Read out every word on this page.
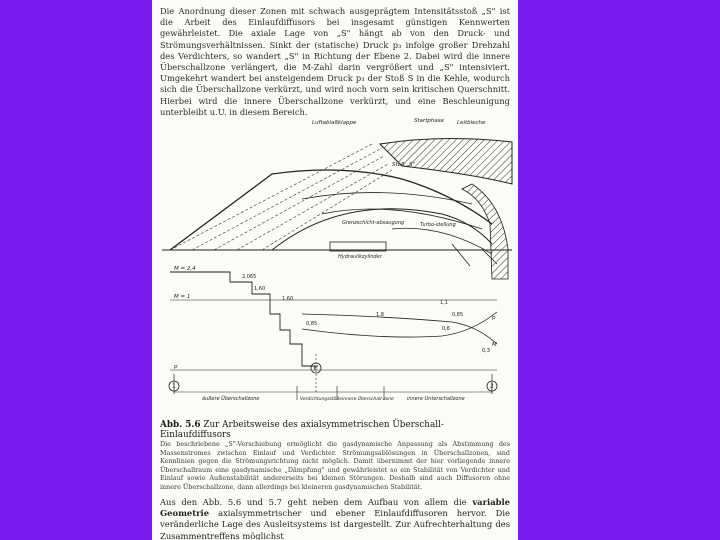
Die Anordnung dieser Zonen mit schwach ausgeprägtem Intensitätsstoß „S" ist die Arbeit des Einlaufdiffusors bei insgesamt günstigen Kennwerten gewährleistet. Die axiale Lage von „S" hängt ab von den Druck- und Strömungsverhältnissen. Sinkt der (statische) Druck p₃ infolge großer Drehzahl des Verdichters, so wandert „S" in Richtung der Ebene 2. Dabei wird die innere Überschallzone verlängert, die M-Zahl darin vergrößert und „S" intensiviert. Umgekehrt wandert bei ansteigendem Druck p₃ der Stoß S in die Kehle, wodurch sich die Überschallzone verkürzt, und wird noch vorn sein kritischen Querschnitt. Hierbei wird die innere Überschallzone verkürzt, und eine Beschleunigung unterbleibt u.U. in diesem Bereich.

Luftablaßklappe	Startphase Leitbleche
Stoß „S"
Grenzschicht-absaugung	Turbo-stellung
Hydraulikzylinder
M = 2,4
M = 1
p
p
M
2,065
1,60
1,60
1,1
1,8	0,85
0,85
0,6
0,3
1
K
2
äußere Überschallzone	Verdichtungsstöße innere Überschall-zone	innere Unterschallzone
Abb. 5.6 Zur Arbeitsweise des axialsymmetrischen Überschall-Einlaufdiffusors

Die beschriebene „S"-Verschiebung ermöglicht die gasdynamische Anpassung als Abstimmung des Massenstromes zwischen Einlauf und Verdichter. Strömungsablösungen in Überschallzonen, sind Kennlinien gegen die Strömungsrichtung nicht möglich. Damit übernimmt der hier vorliegende innere Überschallraum eine gasdynamische „Dämpfung" und gewährleistet so ein Stabilität von Verdichter und Einlauf sowie Außenstabilität andererseits bei kleinen Störungen. Deshalb sind auch Diffusoren ohne innere Überschallzone, dann allerdings bei kleineren gasdynamischen Stabilität.

Aus den Abb. 5.6 und 5.7 geht neben dem Aufbau von allem die variable Geometrie axialsymmetrischer und ebener Einlaufdiffusoren hervor. Die veränderliche Lage des Ausleitsystems ist dargestellt. Zur Aufrechterhaltung des Zusammentreffens möglichst
